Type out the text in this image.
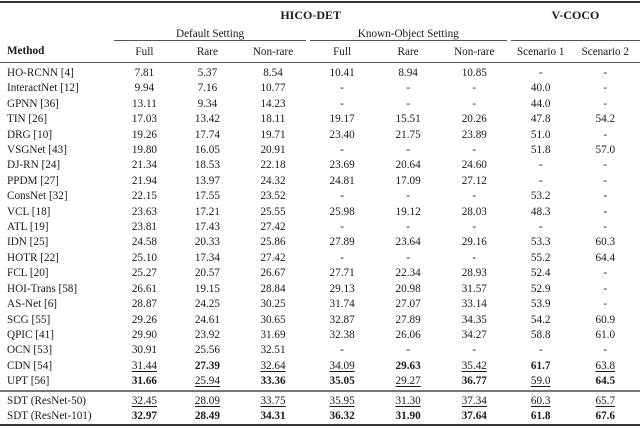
	HICO-DET								V-COCO	
	Default Setting				Known-Object Setting					
Method	Full	Rare	Non-rare		Full	Rare	Non-rare		Scenario 1	Scenario 2
HO-RCNN [4]	7.81	5.37	8.54		10.41	8.94	10.85		-	-
InteractNet [12]	9.94	7.16	10.77		-	-	-		40.0	-
GPNN [36]	13.11	9.34	14.23		-	-	-		44.0	-
TIN [26]	17.03	13.42	18.11		19.17	15.51	20.26		47.8	54.2
DRG [10]	19.26	17.74	19.71		23.40	21.75	23.89		51.0	-
VSGNet [43]	19.80	16.05	20.91		-	-	-		51.8	57.0
DJ-RN [24]	21.34	18.53	22.18		23.69	20.64	24.60		-	-
PPDM [27]	21.94	13.97	24.32		24.81	17.09	27.12		-	-
ConsNet [32]	22.15	17.55	23.52		-	-	-		53.2	-
VCL [18]	23.63	17.21	25.55		25.98	19.12	28.03		48.3	-
ATL [19]	23.81	17.43	27.42		-	-	-		-	-
IDN [25]	24.58	20.33	25.86		27.89	23.64	29.16		53.3	60.3
HOTR [22]	25.10	17.34	27.42		-	-	-		55.2	64.4
FCL [20]	25.27	20.57	26.67		27.71	22.34	28.93		52.4	-
HOI-Trans [58]	26.61	19.15	28.84		29.13	20.98	31.57		52.9	-
AS-Net [6]	28.87	24.25	30.25		31.74	27.07	33.14		53.9	-
SCG [55]	29.26	24.61	30.65		32.87	27.89	34.35		54.2	60.9
QPIC [41]	29.90	23.92	31.69		32.38	26.06	34.27		58.8	61.0
OCN [53]	30.91	25.56	32.51		-	-	-		-	-
CDN [54]	31.44	27.39	32.64		34.09	29.63	35.42		61.7	63.8
UPT [56]	31.66	25.94	33.36		35.05	29.27	36.77		59.0	64.5
SDT (ResNet-50)	32.45	28.09	33.75		35.95	31.30	37.34		60.3	65.7
SDT (ResNet-101)	32.97	28.49	34.31		36.32	31.90	37.64		61.8	67.6
